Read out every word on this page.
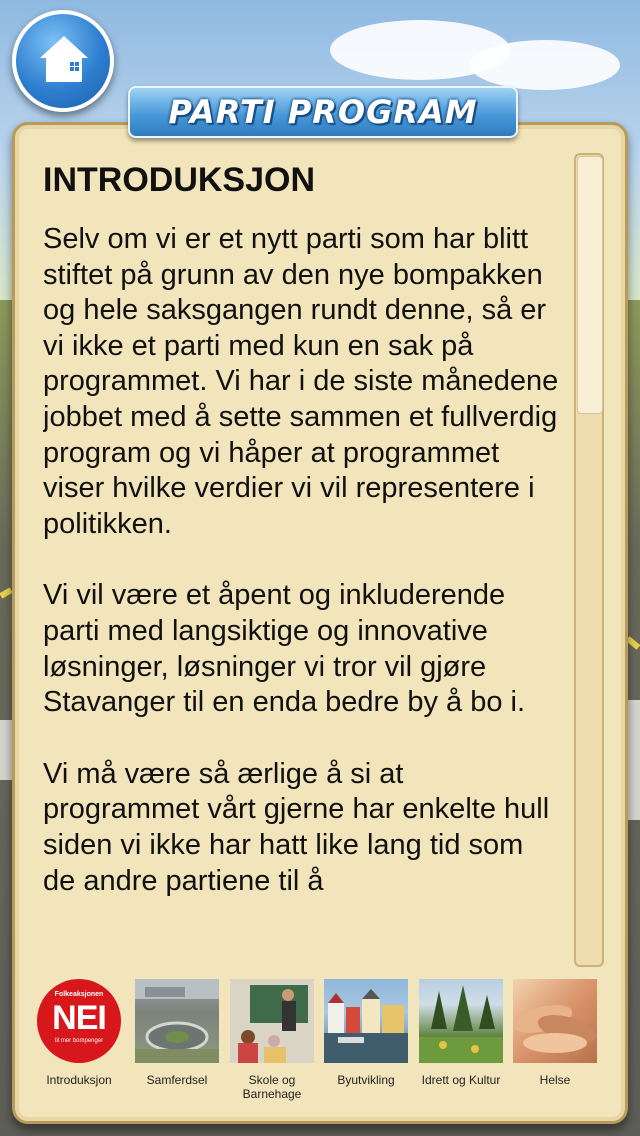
PARTI PROGRAM
INTRODUKSJON

Selv om vi er et nytt parti som har blitt stiftet på grunn av den nye bompakken og hele saksgangen rundt denne, så er vi ikke et parti med kun en sak på programmet. Vi har i de siste månedene jobbet med å sette sammen et fullverdig program og vi håper at programmet viser hvilke verdier vi vil representere i politikken.

Vi vil være et åpent og inkluderende parti med langsiktige og innovative løsninger, løsninger vi tror vil gjøre Stavanger til en enda bedre by å bo i.

Vi må være så ærlige å si at programmet vårt gjerne har enkelte hull siden vi ikke har hatt like lang tid som de andre partiene til å

Folkeaksjonen
NEI
til mer bompenger
Introduksjon	Samferdsel	Skole og Barnehage
Byutvikling	Idrett og Kultur	Helse
